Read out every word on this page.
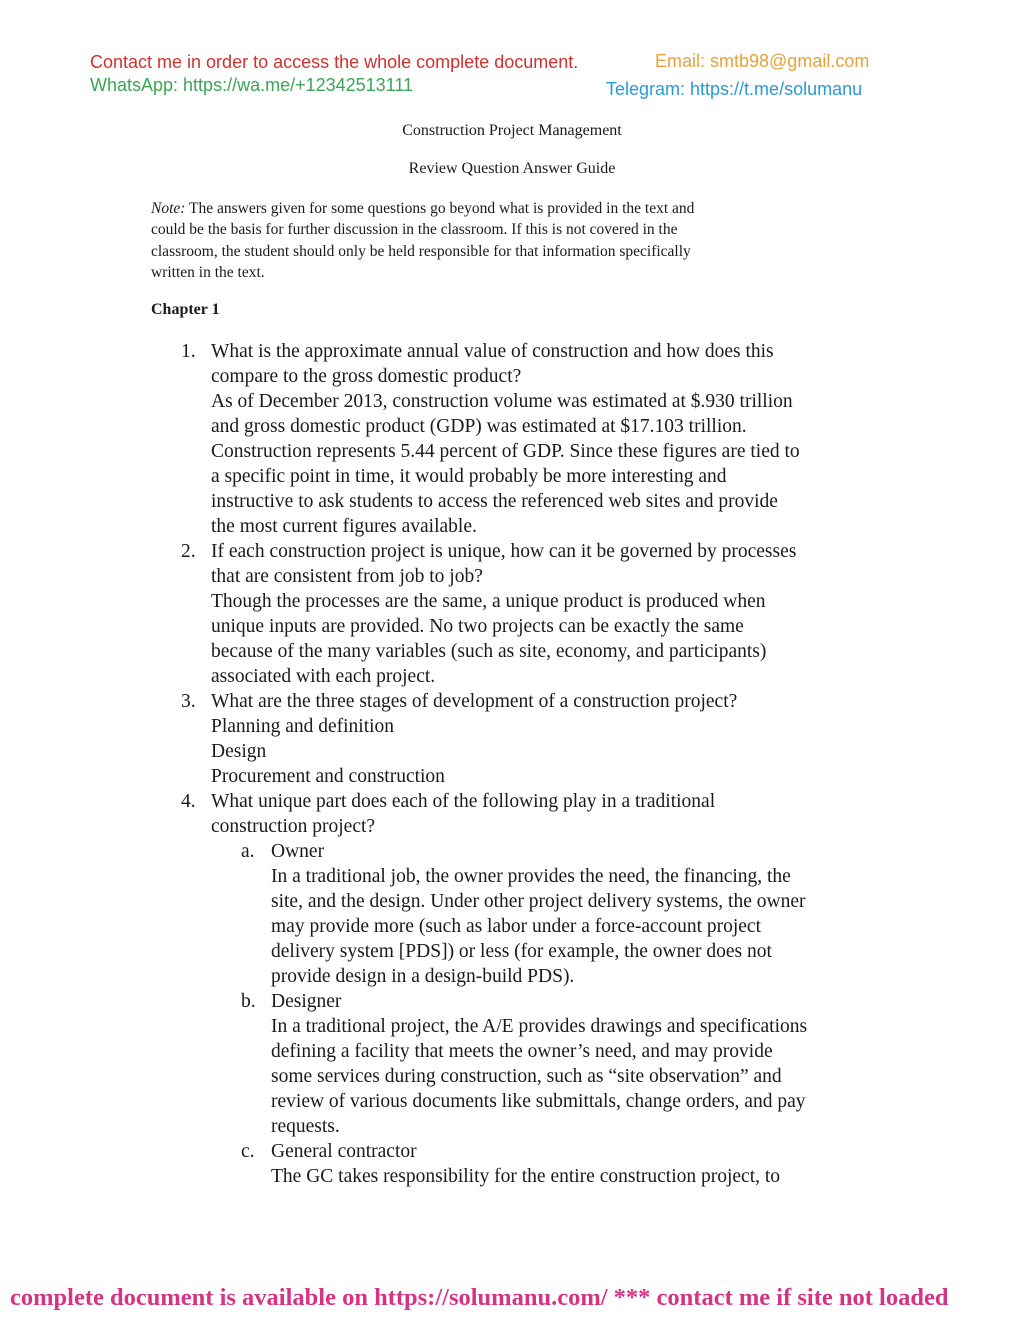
Contact me in order to access the whole complete document.
WhatsApp: https://wa.me/+12342513111
Email: smtb98@gmail.com
Telegram: https://t.me/solumanu
Construction Project Management
Review Question Answer Guide
Note: The answers given for some questions go beyond what is provided in the text and
could be the basis for further discussion in the classroom. If this is not covered in the
classroom, the student should only be held responsible for that information specifically
written in the text.
Chapter 1
1. What is the approximate annual value of construction and how does this
compare to the gross domestic product?
As of December 2013, construction volume was estimated at $.930 trillion
and gross domestic product (GDP) was estimated at $17.103 trillion.
Construction represents 5.44 percent of GDP. Since these figures are tied to
a specific point in time, it would probably be more interesting and
instructive to ask students to access the referenced web sites and provide
the most current figures available.
2. If each construction project is unique, how can it be governed by processes
that are consistent from job to job?
Though the processes are the same, a unique product is produced when
unique inputs are provided. No two projects can be exactly the same
because of the many variables (such as site, economy, and participants)
associated with each project.
3. What are the three stages of development of a construction project?
Planning and definition
Design
Procurement and construction
4. What unique part does each of the following play in a traditional
construction project?
a. Owner
In a traditional job, the owner provides the need, the financing, the
site, and the design. Under other project delivery systems, the owner
may provide more (such as labor under a force-account project
delivery system [PDS]) or less (for example, the owner does not
provide design in a design-build PDS).
b. Designer
In a traditional project, the A/E provides drawings and specifications
defining a facility that meets the owner’s need, and may provide
some services during construction, such as “site observation” and
review of various documents like submittals, change orders, and pay
requests.
c. General contractor
The GC takes responsibility for the entire construction project, to
complete document is available on https://solumanu.com/ *** contact me if site not loaded
